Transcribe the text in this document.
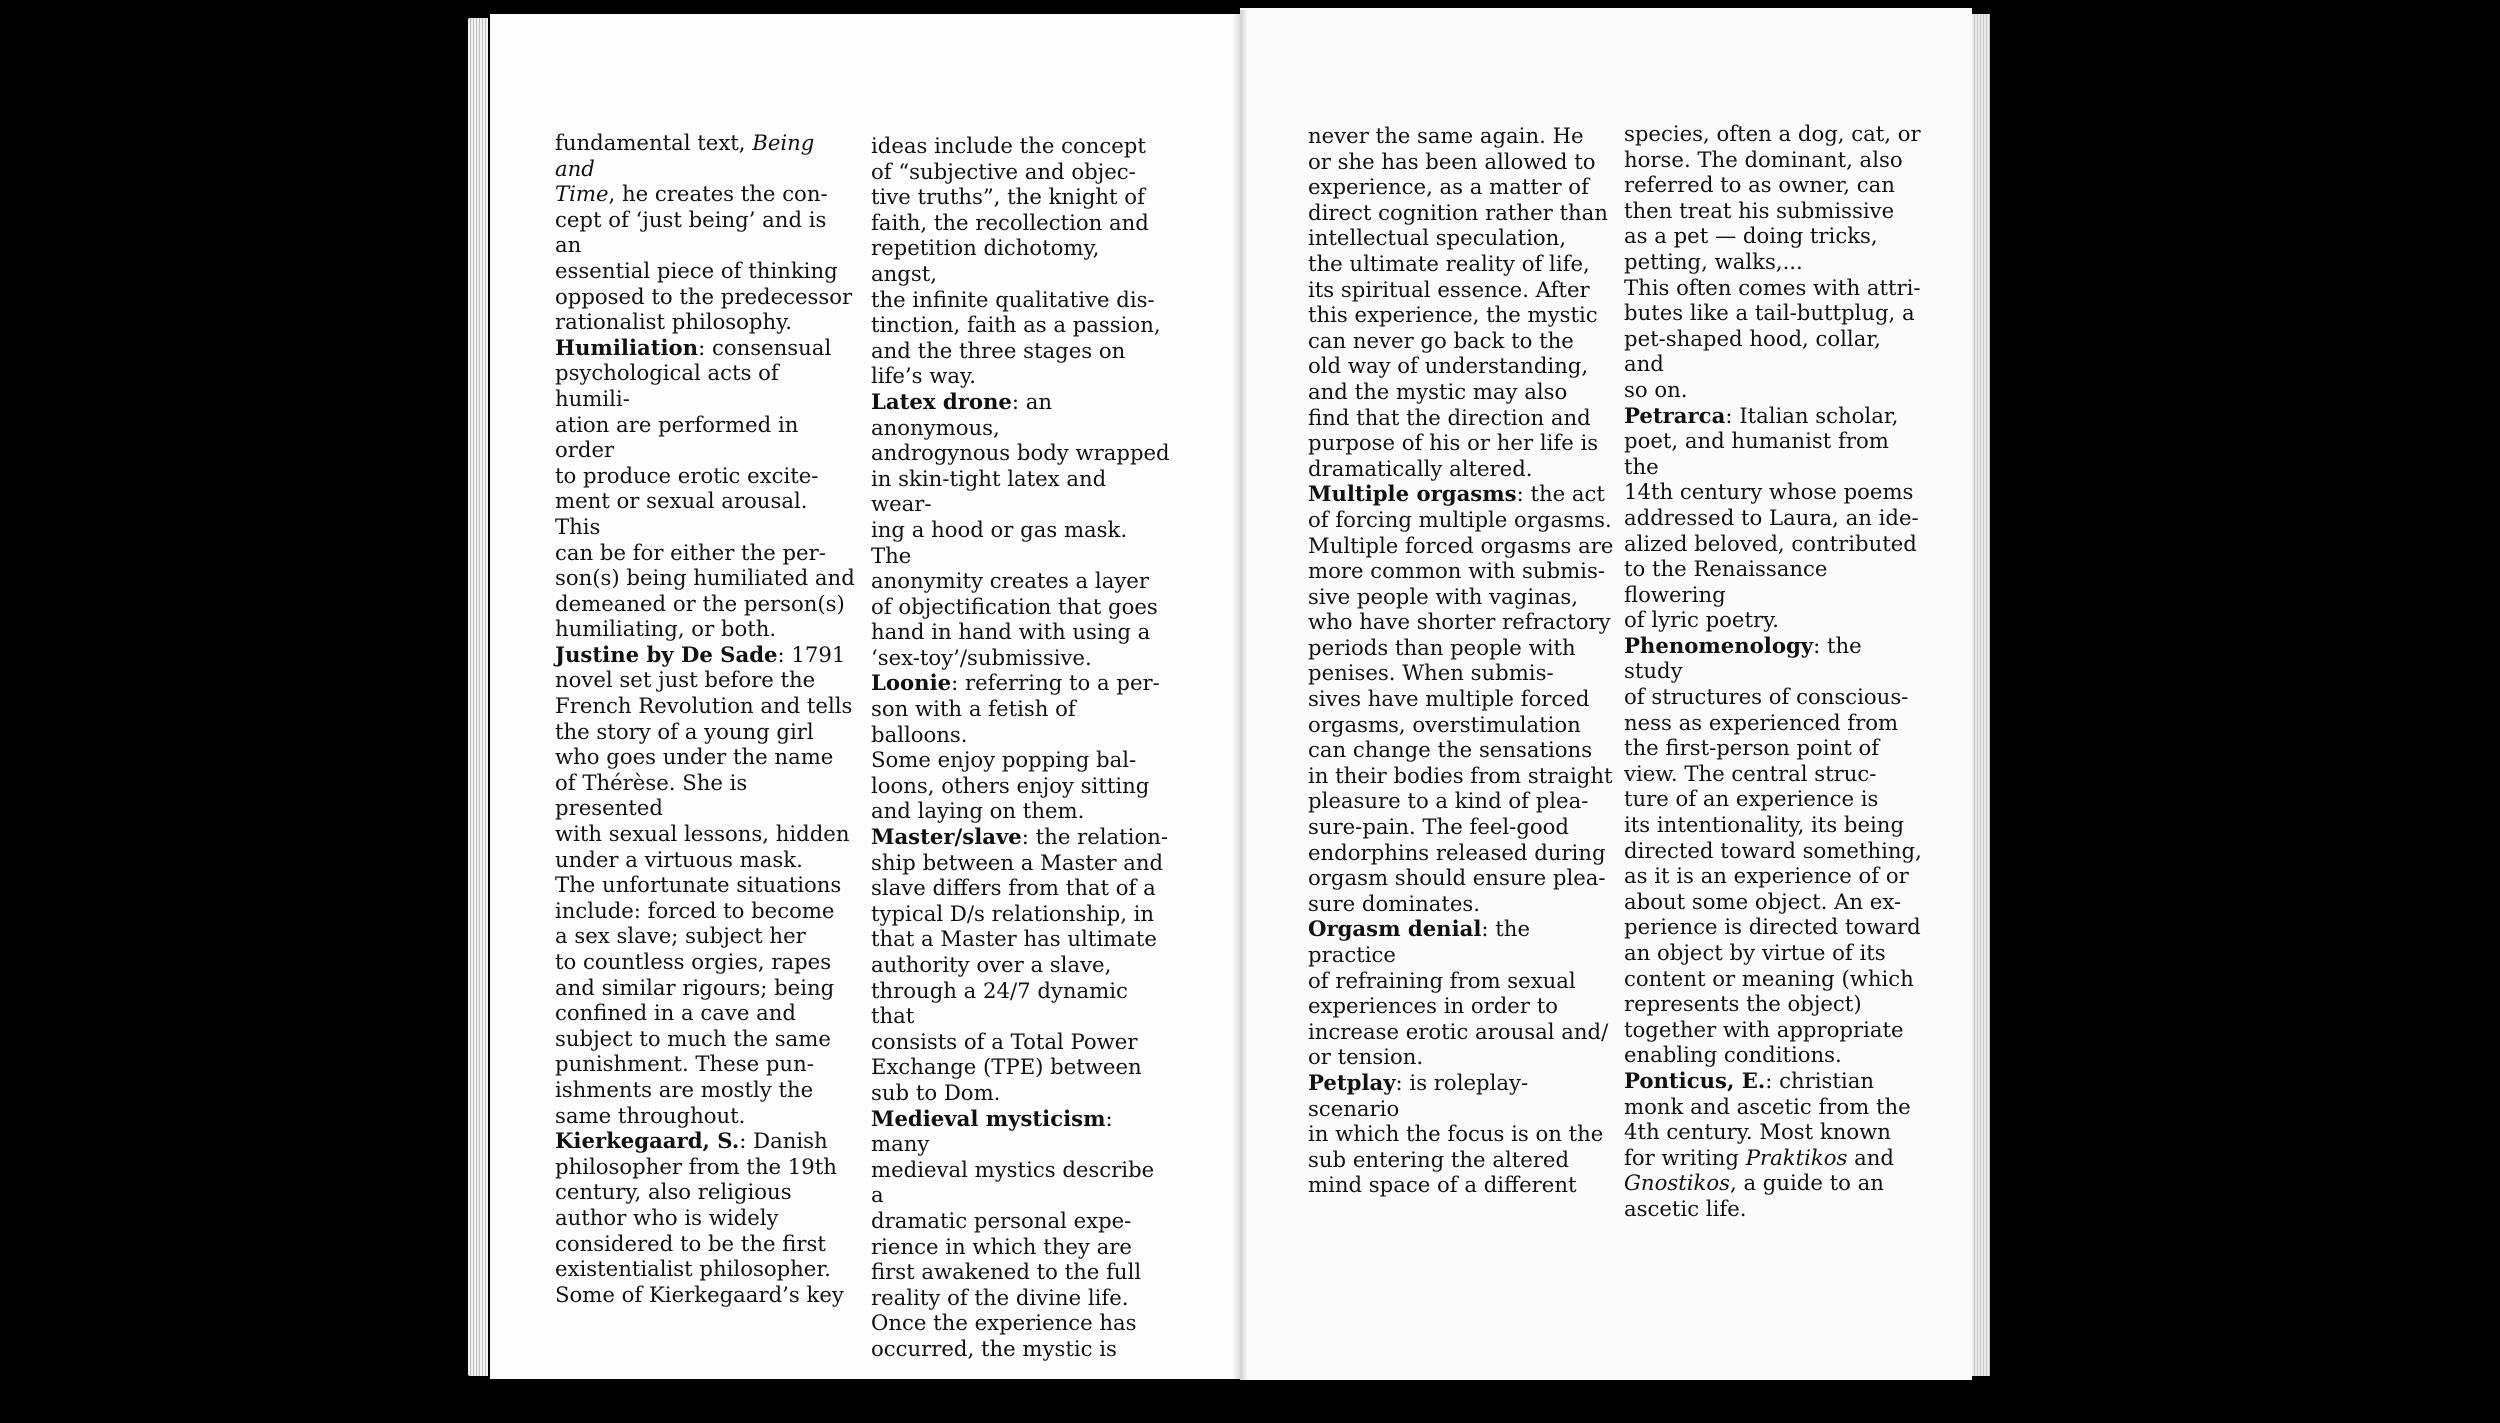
fundamental text, Being and

Time, he creates the con-

cept of ‘just being’ and is an

essential piece of thinking

opposed to the predecessor

rationalist philosophy.

Humiliation: consensual

psychological acts of humili-

ation are performed in order

to produce erotic excite-

ment or sexual arousal. This

can be for either the per-

son(s) being humiliated and

demeaned or the person(s)

humiliating, or both.

Justine by De Sade: 1791

novel set just before the

French Revolution and tells

the story of a young girl

who goes under the name

of Thérèse. She is presented

with sexual lessons, hidden

under a virtuous mask.

The unfortunate situations

include: forced to become

a sex slave; subject her

to countless orgies, rapes

and similar rigours; being

confined in a cave and

subject to much the same

punishment. These pun-

ishments are mostly the

same throughout.

Kierkegaard, S.: Danish

philosopher from the 19th

century, also religious

author who is widely

considered to be the first

existentialist philosopher.

Some of Kierkegaard’s key

ideas include the concept

of “subjective and objec-

tive truths”, the knight of

faith, the recollection and

repetition dichotomy, angst,

the infinite qualitative dis-

tinction, faith as a passion,

and the three stages on

life’s way.

Latex drone: an anonymous,

androgynous body wrapped

in skin-tight latex and wear-

ing a hood or gas mask. The

anonymity creates a layer

of objectification that goes

hand in hand with using a

‘sex-toy’/submissive.

Loonie: referring to a per-

son with a fetish of balloons.

Some enjoy popping bal-

loons, others enjoy sitting

and laying on them.

Master/slave: the relation-

ship between a Master and

slave differs from that of a

typical D/s relationship, in

that a Master has ultimate

authority over a slave,

through a 24/7 dynamic that

consists of a Total Power

Exchange (TPE) between

sub to Dom.

Medieval mysticism: many

medieval mystics describe a

dramatic personal expe-

rience in which they are

first awakened to the full

reality of the divine life.

Once the experience has

occurred, the mystic is

never the same again. He

or she has been allowed to

experience, as a matter of

direct cognition rather than

intellectual speculation,

the ultimate reality of life,

its spiritual essence. After

this experience, the mystic

can never go back to the

old way of understanding,

and the mystic may also

find that the direction and

purpose of his or her life is

dramatically altered.

Multiple orgasms: the act

of forcing multiple orgasms.

Multiple forced orgasms are

more common with submis-

sive people with vaginas,

who have shorter refractory

periods than people with

penises. When submis-

sives have multiple forced

orgasms, overstimulation

can change the sensations

in their bodies from straight

pleasure to a kind of plea-

sure-pain. The feel-good

endorphins released during

orgasm should ensure plea-

sure dominates.

Orgasm denial: the practice

of refraining from sexual

experiences in order to

increase erotic arousal and/

or tension.

Petplay: is roleplay-scenario

in which the focus is on the

sub entering the altered

mind space of a different

species, often a dog, cat, or

horse. The dominant, also

referred to as owner, can

then treat his submissive

as a pet — doing tricks,

petting, walks,...

This often comes with attri-

butes like a tail-buttplug, a

pet-shaped hood, collar, and

so on.

Petrarca: Italian scholar,

poet, and humanist from the

14th century whose poems

addressed to Laura, an ide-

alized beloved, contributed

to the Renaissance flowering

of lyric poetry.

Phenomenology: the study

of structures of conscious-

ness as experienced from

the first-person point of

view. The central struc-

ture of an experience is

its intentionality, its being

directed toward something,

as it is an experience of or

about some object. An ex-

perience is directed toward

an object by virtue of its

content or meaning (which

represents the object)

together with appropriate

enabling conditions.

Ponticus, E.: christian

monk and ascetic from the

4th century. Most known

for writing Praktikos and

Gnostikos, a guide to an

ascetic life.
